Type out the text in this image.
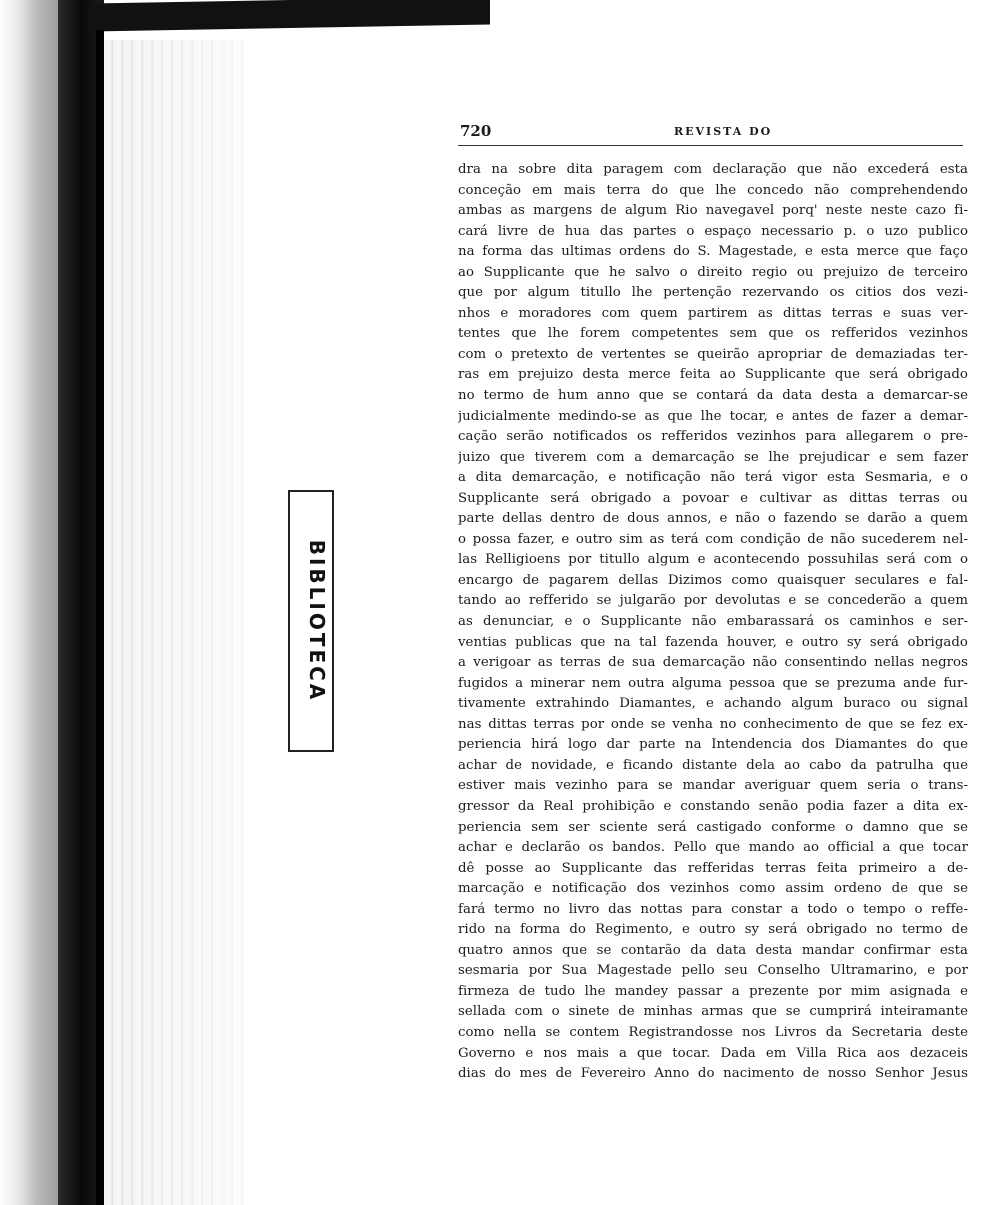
BIBLIOTECA
720	REVISTA DO
dra na sobre dita paragem com declaração que não excederá esta
conceção em mais terra do que lhe concedo não comprehendendo
ambas as margens de algum Rio navegavel porq' neste neste cazo fi-
cará livre de hua das partes o espaço necessario p. o uzo publico
na forma das ultimas ordens do S. Magestade, e esta merce que faço
ao Supplicante que he salvo o direito regio ou prejuizo de terceiro
que por algum titullo lhe pertenção rezervando os citios dos vezi-
nhos e moradores com quem partirem as dittas terras e suas ver-
tentes que lhe forem competentes sem que os refferidos vezinhos
com o pretexto de vertentes se queirão apropriar de demaziadas ter-
ras em prejuizo desta merce feita ao Supplicante que será obrigado
no termo de hum anno que se contará da data desta a demarcar-se
judicialmente medindo-se as que lhe tocar, e antes de fazer a demar-
cação serão notificados os refferidos vezinhos para allegarem o pre-
juizo que tiverem com a demarcação se lhe prejudicar e sem fazer
a dita demarcação, e notificação não terá vigor esta Sesmaria, e o
Supplicante será obrigado a povoar e cultivar as dittas terras ou
parte dellas dentro de dous annos, e não o fazendo se darão a quem
o possa fazer, e outro sim as terá com condição de não sucederem nel-
las Relligioens por titullo algum e acontecendo possuhilas será com o
encargo de pagarem dellas Dizimos como quaisquer seculares e fal-
tando ao refferido se julgarão por devolutas e se concederão a quem
as denunciar, e o Supplicante não embarassará os caminhos e ser-
ventias publicas que na tal fazenda houver, e outro sy será obrigado
a verigoar as terras de sua demarcação não consentindo nellas negros
fugidos a minerar nem outra alguma pessoa que se prezuma ande fur-
tivamente extrahindo Diamantes, e achando algum buraco ou signal
nas dittas terras por onde se venha no conhecimento de que se fez ex-
periencia hirá logo dar parte na Intendencia dos Diamantes do que
achar de novidade, e ficando distante dela ao cabo da patrulha que
estiver mais vezinho para se mandar averiguar quem seria o trans-
gressor da Real prohibição e constando senão podia fazer a dita ex-
periencia sem ser sciente será castigado conforme o damno que se
achar e declarão os bandos. Pello que mando ao official a que tocar
dê posse ao Supplicante das refferidas terras feita primeiro a de-
marcação e notificação dos vezinhos como assim ordeno de que se
fará termo no livro das nottas para constar a todo o tempo o reffe-
rido na forma do Regimento, e outro sy será obrigado no termo de
quatro annos que se contarão da data desta mandar confirmar esta
sesmaria por Sua Magestade pello seu Conselho Ultramarino, e por
firmeza de tudo lhe mandey passar a prezente por mim asignada e
sellada com o sinete de minhas armas que se cumprirá inteiramante
como nella se contem Registrandosse nos Livros da Secretaria deste
Governo e nos mais a que tocar. Dada em Villa Rica aos dezaceis
dias do mes de Fevereiro Anno do nacimento de nosso Senhor Jesus
